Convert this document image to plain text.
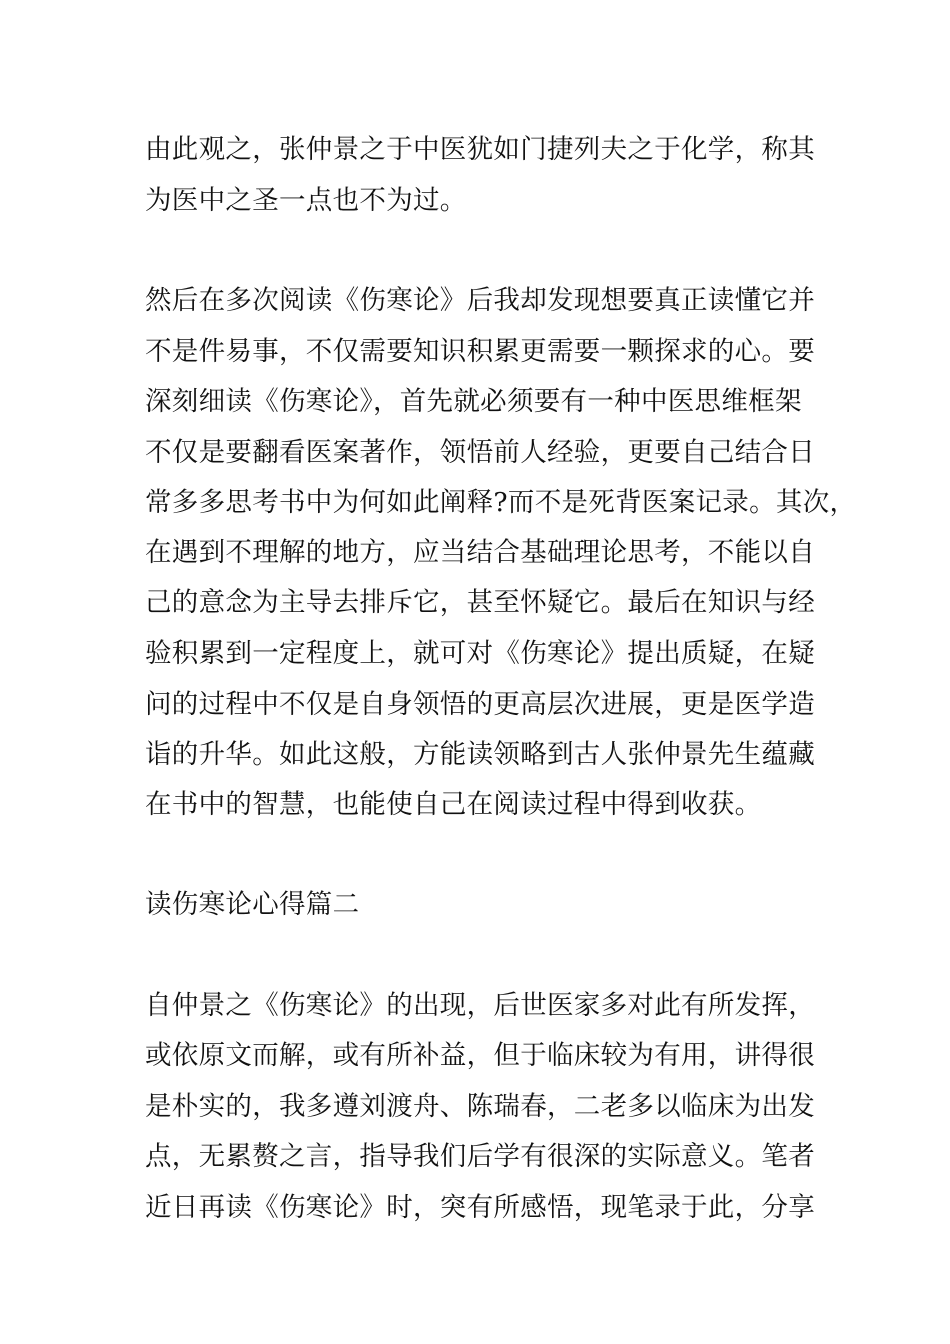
由此观之，张仲景之于中医犹如门捷列夫之于化学，称其
为医中之圣一点也不为过。
然后在多次阅读《伤寒论》后我却发现想要真正读懂它并
不是件易事，不仅需要知识积累更需要一颗探求的心。要
深刻细读《伤寒论》，首先就必须要有一种中医思维框架
不仅是要翻看医案著作，领悟前人经验，更要自己结合日
常多多思考书中为何如此阐释?而不是死背医案记录。其次，
在遇到不理解的地方，应当结合基础理论思考，不能以自
己的意念为主导去排斥它，甚至怀疑它。最后在知识与经
验积累到一定程度上，就可对《伤寒论》提出质疑，在疑
问的过程中不仅是自身领悟的更高层次进展，更是医学造
诣的升华。如此这般，方能读领略到古人张仲景先生蕴藏
在书中的智慧，也能使自己在阅读过程中得到收获。
读伤寒论心得篇二
自仲景之《伤寒论》的出现，后世医家多对此有所发挥，
或依原文而解，或有所补益，但于临床较为有用，讲得很
是朴实的，我多遵刘渡舟、陈瑞春，二老多以临床为出发
点，无累赘之言，指导我们后学有很深的实际意义。笔者
近日再读《伤寒论》时，突有所感悟，现笔录于此，分享
